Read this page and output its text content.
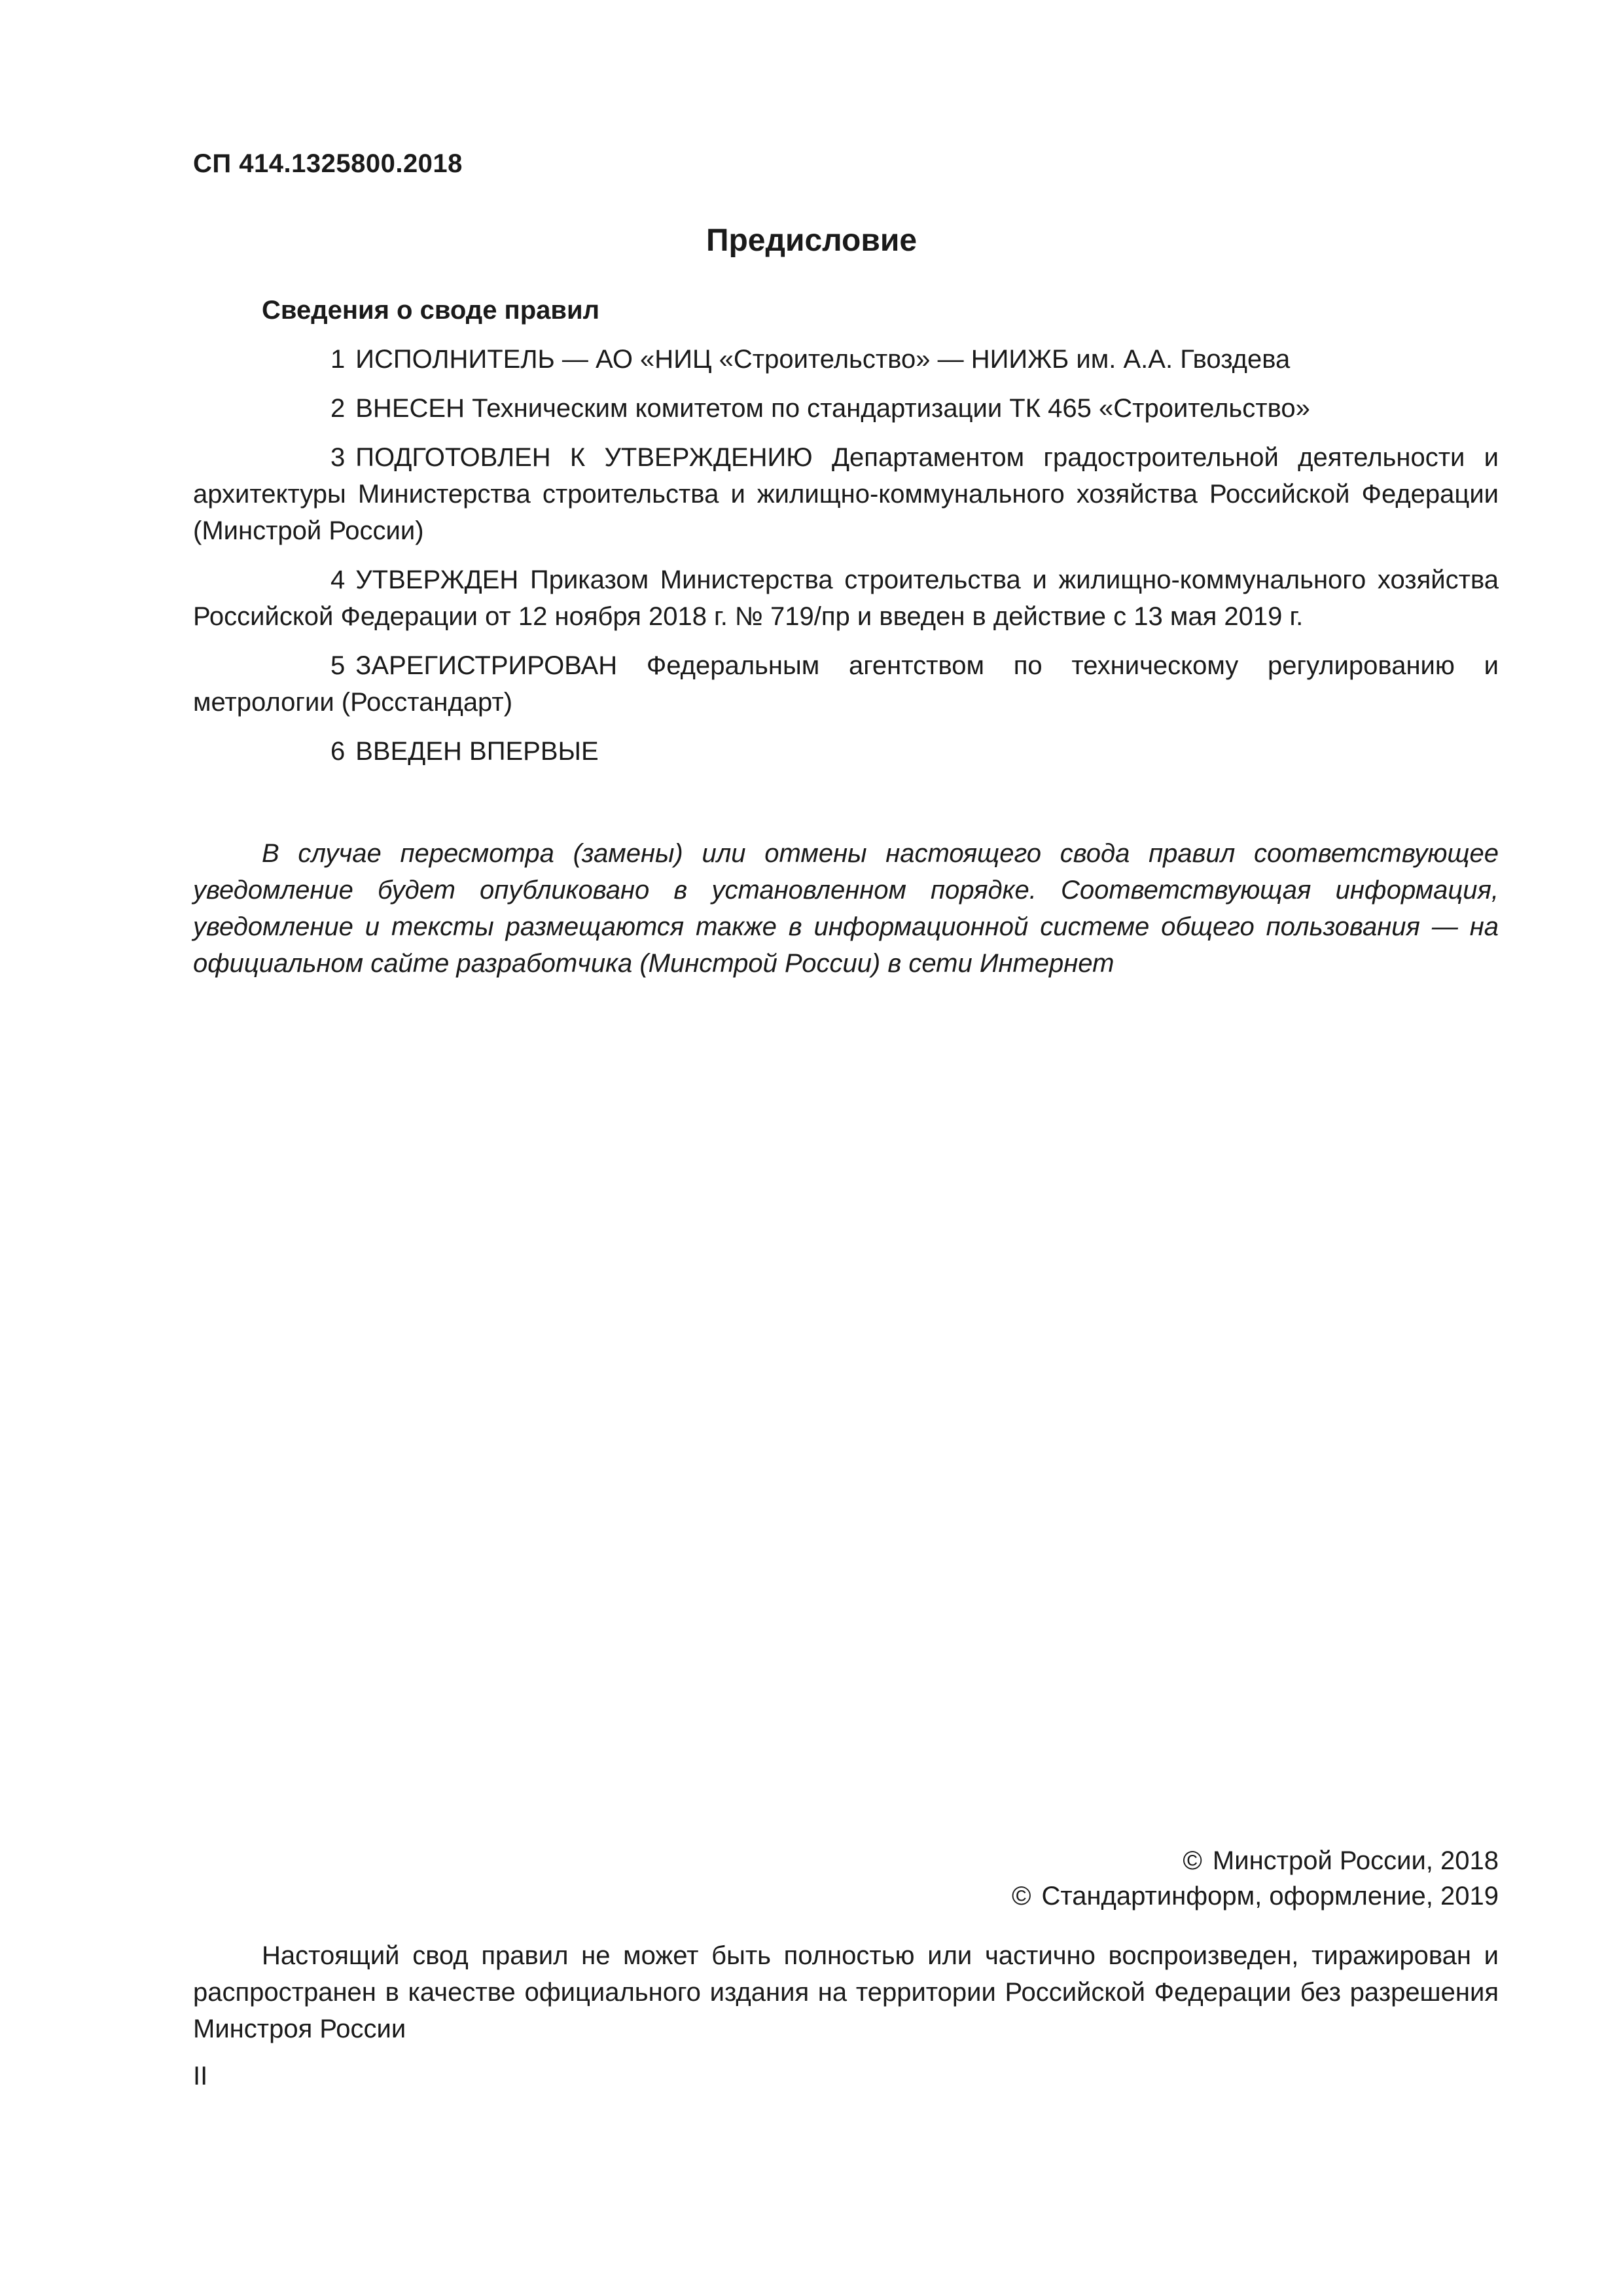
СП 414.1325800.2018
Предисловие

Сведения о своде правил

1 ИСПОЛНИТЕЛЬ — АО «НИЦ «Строительство» — НИИЖБ им. А.А. Гвоздева

2 ВНЕСЕН Техническим комитетом по стандартизации ТК 465 «Строительство»

3 ПОДГОТОВЛЕН К УТВЕРЖДЕНИЮ Департаментом градостроительной деятельности и архитектуры Министерства строительства и жилищно-коммунального хозяйства Российской Федерации (Минстрой России)

4 УТВЕРЖДЕН Приказом Министерства строительства и жилищно-коммунального хозяйства Российской Федерации от 12 ноября 2018 г. № 719/пр и введен в действие с 13 мая 2019 г.

5 ЗАРЕГИСТРИРОВАН Федеральным агентством по техническому регулированию и метрологии (Росстандарт)

6 ВВЕДЕН ВПЕРВЫЕ

В случае пересмотра (замены) или отмены настоящего свода правил соответствующее уведомление будет опубликовано в установленном порядке. Соответствующая информация, уведомление и тексты размещаются также в информационной системе общего пользования — на официальном сайте разработчика (Минстрой России) в сети Интернет

© Минстрой России, 2018
© Стандартинформ, оформление, 2019

Настоящий свод правил не может быть полностью или частично воспроизведен, тиражирован и распространен в качестве официального издания на территории Российской Федерации без разрешения Минстроя России

II
